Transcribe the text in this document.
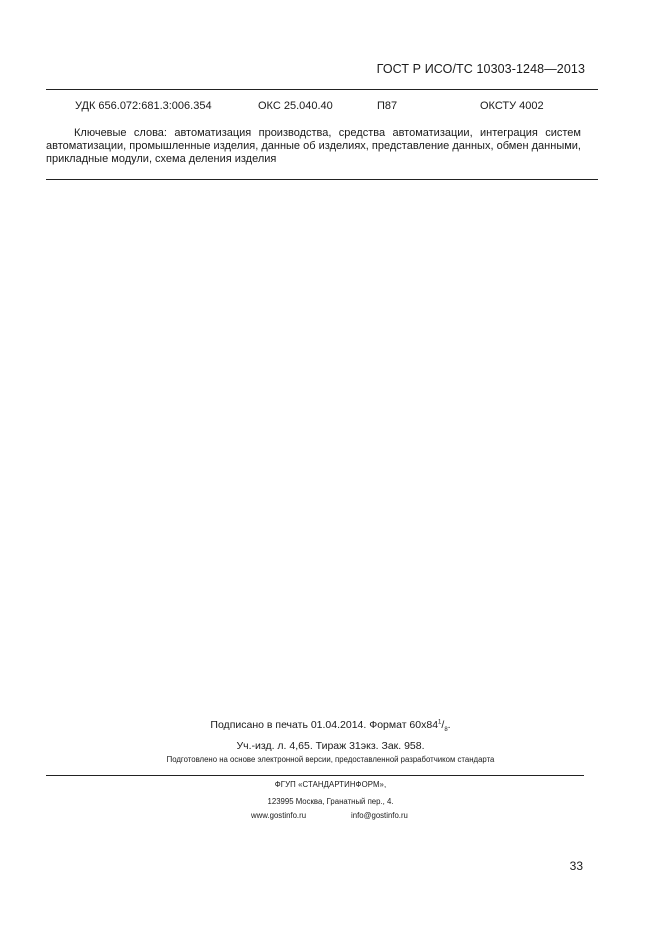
ГОСТ Р ИСО/ТС 10303-1248—2013
УДК 656.072:681.3:006.354	ОКС 25.040.40	П87	ОКСТУ 4002
Ключевые слова: автоматизация производства, средства автоматизации, интеграция систем автоматизации, промышленные изделия, данные об изделиях, представление данных, обмен данными, прикладные модули, схема деления изделия
Подписано в печать 01.04.2014. Формат $60x84^1/_8$.
Уч.-изд. л. 4,65. Тираж 31экз. Зак. 958.
Подготовлено на основе электронной версии, предоставленной разработчиком стандарта
ФГУП «СТАНДАРТИНФОРМ»,
123995 Москва, Гранатный пер., 4.
www.gostinfo.ru	info@gostinfo.ru
33
